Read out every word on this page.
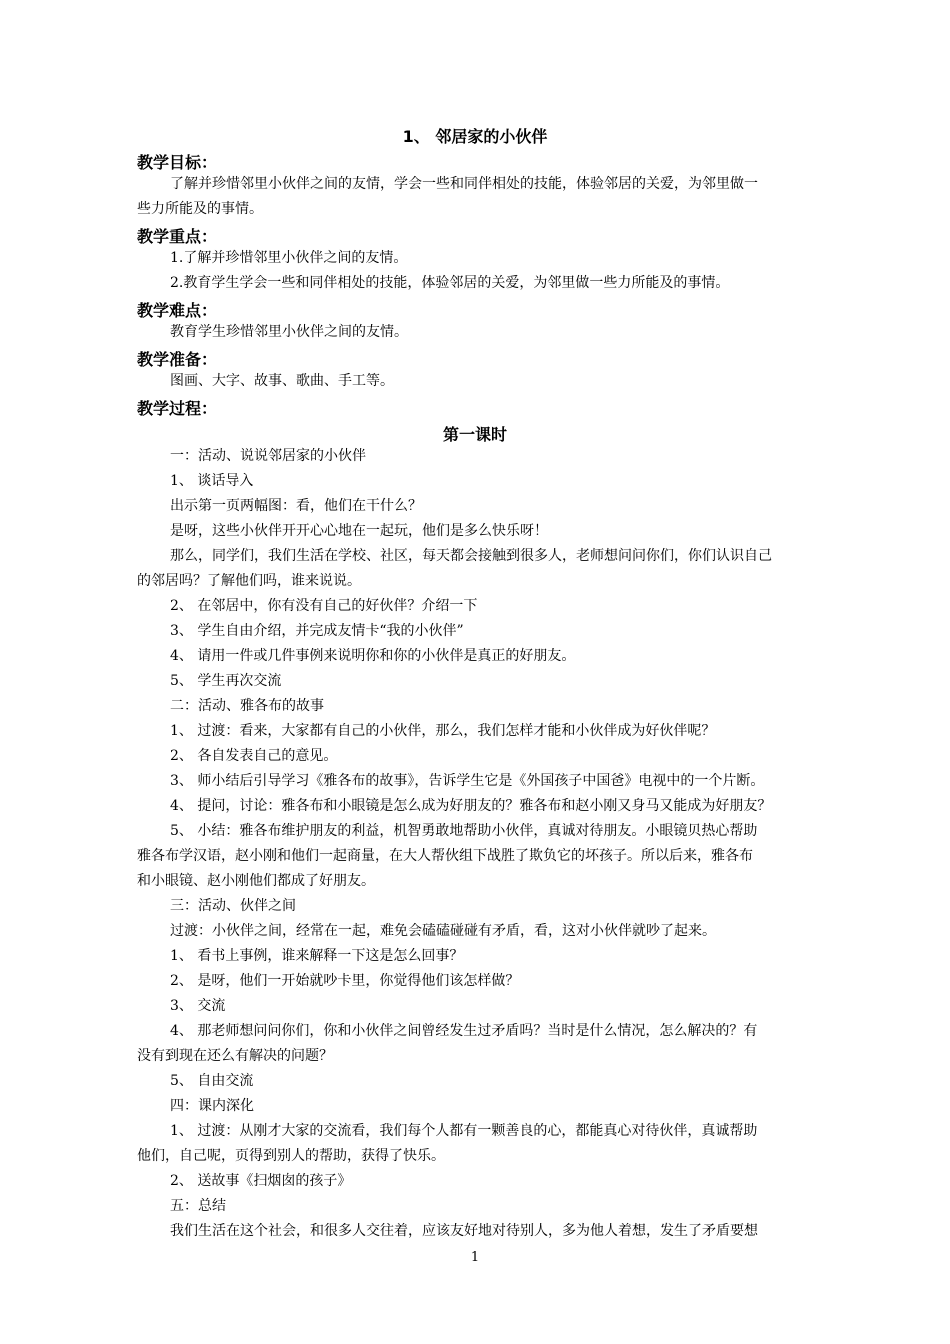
1、 邻居家的小伙伴
教学目标：
了解并珍惜邻里小伙伴之间的友情，学会一些和同伴相处的技能，体验邻居的关爱，为邻里做一
些力所能及的事情。
教学重点：
1.了解并珍惜邻里小伙伴之间的友情。
2.教育学生学会一些和同伴相处的技能，体验邻居的关爱，为邻里做一些力所能及的事情。
教学难点：
教育学生珍惜邻里小伙伴之间的友情。
教学准备：
图画、大字、故事、歌曲、手工等。
教学过程：
第一课时
一：活动、说说邻居家的小伙伴
1、 谈话导入
出示第一页两幅图：看，他们在干什么？
是呀，这些小伙伴开开心心地在一起玩，他们是多么快乐呀！
那么，同学们，我们生活在学校、社区，每天都会接触到很多人，老师想问问你们，你们认识自己
的邻居吗？了解他们吗，谁来说说。
2、 在邻居中，你有没有自己的好伙伴？介绍一下
3、 学生自由介绍，并完成友情卡“我的小伙伴”
4、 请用一件或几件事例来说明你和你的小伙伴是真正的好朋友。
5、 学生再次交流
二：活动、雅各布的故事
1、 过渡：看来，大家都有自己的小伙伴，那么，我们怎样才能和小伙伴成为好伙伴呢？
2、 各自发表自己的意见。
3、 师小结后引导学习《雅各布的故事》，告诉学生它是《外国孩子中国爸》电视中的一个片断。
4、 提问，讨论：雅各布和小眼镜是怎么成为好朋友的？雅各布和赵小刚又身马又能成为好朋友？
5、 小结：雅各布维护朋友的利益，机智勇敢地帮助小伙伴，真诚对待朋友。小眼镜贝热心帮助
雅各布学汉语，赵小刚和他们一起商量，在大人帮伙组下战胜了欺负它的坏孩子。所以后来，雅各布
和小眼镜、赵小刚他们都成了好朋友。
三：活动、伙伴之间
过渡：小伙伴之间，经常在一起，难免会磕磕碰碰有矛盾，看，这对小伙伴就吵了起来。
1、 看书上事例，谁来解释一下这是怎么回事？
2、 是呀，他们一开始就吵卡里，你觉得他们该怎样做？
3、 交流
4、 那老师想问问你们，你和小伙伴之间曾经发生过矛盾吗？当时是什么情况，怎么解决的？有
没有到现在还么有解决的问题？
5、 自由交流
四：课内深化
1、 过渡：从刚才大家的交流看，我们每个人都有一颗善良的心，都能真心对待伙伴，真诚帮助
他们，自己呢，页得到别人的帮助，获得了快乐。
2、 送故事《扫烟囱的孩子》
五：总结
我们生活在这个社会，和很多人交往着，应该友好地对待别人，多为他人着想，发生了矛盾要想
1
